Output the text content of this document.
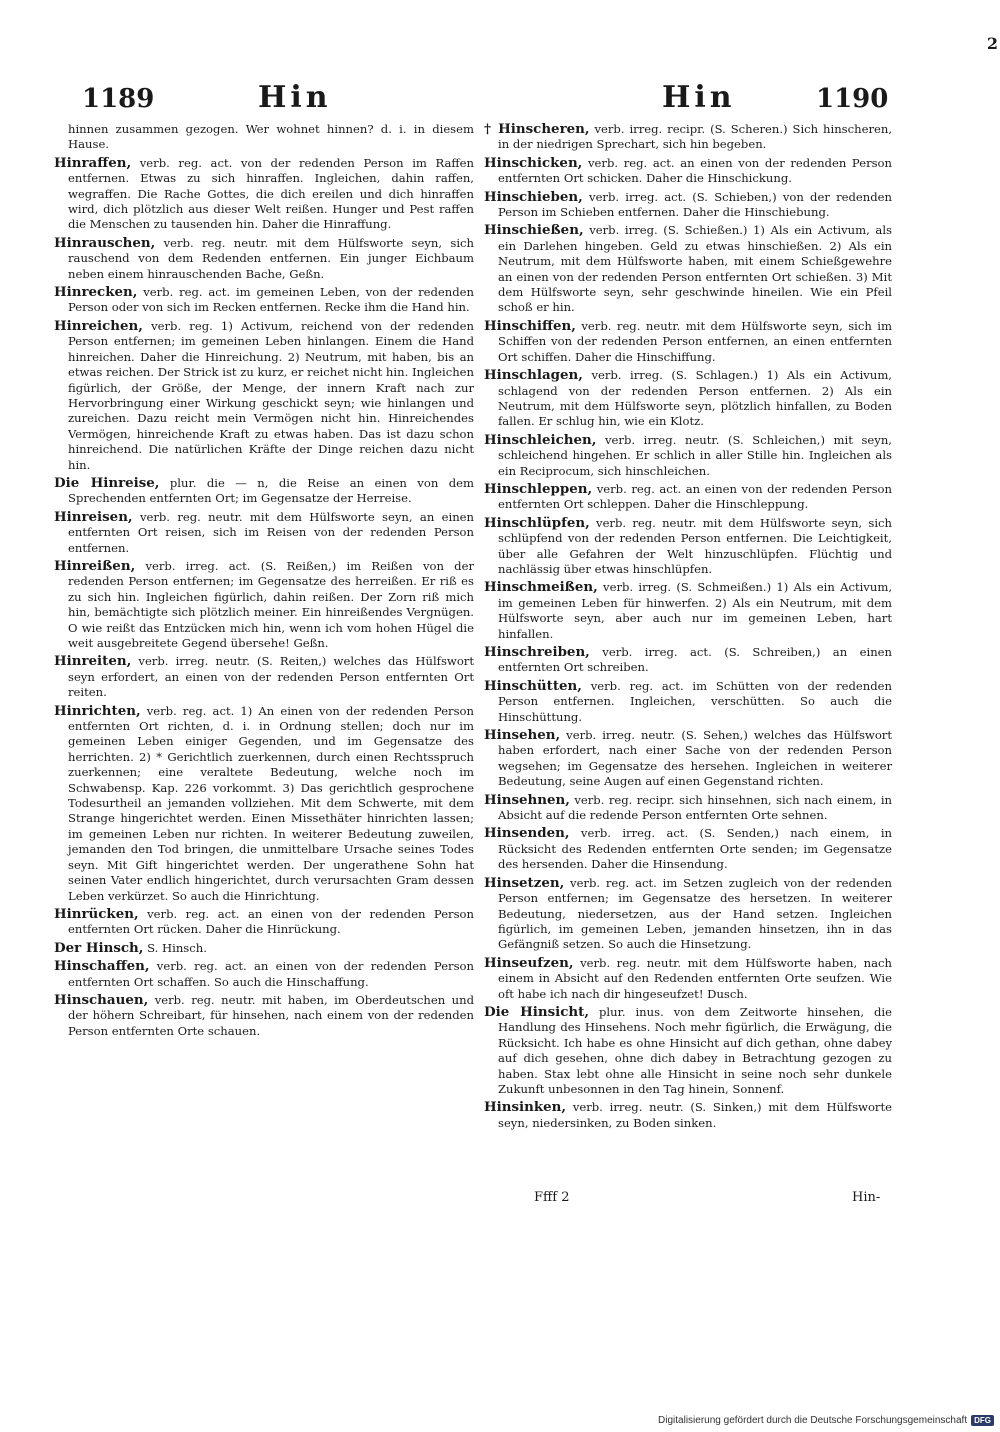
1189	Hin	Hin	1190
2

hinnen zusammen gezogen. Wer wohnet hinnen? d. i. in diesem Hause.

Hinraffen, verb. reg. act. von der redenden Person im Raffen entfernen. Etwas zu sich hinraffen. Ingleichen, dahin raffen, wegraffen. Die Rache Gottes, die dich ereilen und dich hinraffen wird, dich plötzlich aus dieser Welt reißen. Hunger und Pest raffen die Menschen zu tausenden hin. Daher die Hinraffung.

Hinrauschen, verb. reg. neutr. mit dem Hülfsworte seyn, sich rauschend von dem Redenden entfernen. Ein junger Eichbaum neben einem hinrauschenden Bache, Geßn.

Hinrecken, verb. reg. act. im gemeinen Leben, von der redenden Person oder von sich im Recken entfernen. Recke ihm die Hand hin.

Hinreichen, verb. reg. 1) Activum, reichend von der redenden Person entfernen; im gemeinen Leben hinlangen. Einem die Hand hinreichen. Daher die Hinreichung. 2) Neutrum, mit haben, bis an etwas reichen. Der Strick ist zu kurz, er reichet nicht hin. Ingleichen figürlich, der Größe, der Menge, der innern Kraft nach zur Hervorbringung einer Wirkung geschickt seyn; wie hinlangen und zureichen. Dazu reicht mein Vermögen nicht hin. Hinreichendes Vermögen, hinreichende Kraft zu etwas haben. Das ist dazu schon hinreichend. Die natürlichen Kräfte der Dinge reichen dazu nicht hin.

Die Hinreise, plur. die — n, die Reise an einen von dem Sprechenden entfernten Ort; im Gegensatze der Herreise.

Hinreisen, verb. reg. neutr. mit dem Hülfsworte seyn, an einen entfernten Ort reisen, sich im Reisen von der redenden Person entfernen.

Hinreißen, verb. irreg. act. (S. Reißen,) im Reißen von der redenden Person entfernen; im Gegensatze des herreißen. Er riß es zu sich hin. Ingleichen figürlich, dahin reißen. Der Zorn riß mich hin, bemächtigte sich plötzlich meiner. Ein hinreißendes Vergnügen. O wie reißt das Entzücken mich hin, wenn ich vom hohen Hügel die weit ausgebreitete Gegend übersehe! Geßn.

Hinreiten, verb. irreg. neutr. (S. Reiten,) welches das Hülfswort seyn erfordert, an einen von der redenden Person entfernten Ort reiten.

Hinrichten, verb. reg. act. 1) An einen von der redenden Person entfernten Ort richten, d. i. in Ordnung stellen; doch nur im gemeinen Leben einiger Gegenden, und im Gegensatze des herrichten. 2) * Gerichtlich zuerkennen, durch einen Rechtsspruch zuerkennen; eine veraltete Bedeutung, welche noch im Schwabensp. Kap. 226 vorkommt. 3) Das gerichtlich gesprochene Todesurtheil an jemanden vollziehen. Mit dem Schwerte, mit dem Strange hingerichtet werden. Einen Missethäter hinrichten lassen; im gemeinen Leben nur richten. In weiterer Bedeutung zuweilen, jemanden den Tod bringen, die unmittelbare Ursache seines Todes seyn. Mit Gift hingerichtet werden. Der ungerathene Sohn hat seinen Vater endlich hingerichtet, durch verursachten Gram dessen Leben verkürzet. So auch die Hinrichtung.

Hinrücken, verb. reg. act. an einen von der redenden Person entfernten Ort rücken. Daher die Hinrückung.

Der Hinsch, S. Hinsch.

Hinschaffen, verb. reg. act. an einen von der redenden Person entfernten Ort schaffen. So auch die Hinschaffung.

Hinschauen, verb. reg. neutr. mit haben, im Oberdeutschen und der höhern Schreibart, für hinsehen, nach einem von der redenden Person entfernten Orte schauen.

† Hinscheren, verb. irreg. recipr. (S. Scheren.) Sich hinscheren, in der niedrigen Sprechart, sich hin begeben.

Hinschicken, verb. reg. act. an einen von der redenden Person entfernten Ort schicken. Daher die Hinschickung.

Hinschieben, verb. irreg. act. (S. Schieben,) von der redenden Person im Schieben entfernen. Daher die Hinschiebung.

Hinschießen, verb. irreg. (S. Schießen.) 1) Als ein Activum, als ein Darlehen hingeben. Geld zu etwas hinschießen. 2) Als ein Neutrum, mit dem Hülfsworte haben, mit einem Schießgewehre an einen von der redenden Person entfernten Ort schießen. 3) Mit dem Hülfsworte seyn, sehr geschwinde hineilen. Wie ein Pfeil schoß er hin.

Hinschiffen, verb. reg. neutr. mit dem Hülfsworte seyn, sich im Schiffen von der redenden Person entfernen, an einen entfernten Ort schiffen. Daher die Hinschiffung.

Hinschlagen, verb. irreg. (S. Schlagen.) 1) Als ein Activum, schlagend von der redenden Person entfernen. 2) Als ein Neutrum, mit dem Hülfsworte seyn, plötzlich hinfallen, zu Boden fallen. Er schlug hin, wie ein Klotz.

Hinschleichen, verb. irreg. neutr. (S. Schleichen,) mit seyn, schleichend hingehen. Er schlich in aller Stille hin. Ingleichen als ein Reciprocum, sich hinschleichen.

Hinschleppen, verb. reg. act. an einen von der redenden Person entfernten Ort schleppen. Daher die Hinschleppung.

Hinschlüpfen, verb. reg. neutr. mit dem Hülfsworte seyn, sich schlüpfend von der redenden Person entfernen. Die Leichtigkeit, über alle Gefahren der Welt hinzuschlüpfen. Flüchtig und nachlässig über etwas hinschlüpfen.

Hinschmeißen, verb. irreg. (S. Schmeißen.) 1) Als ein Activum, im gemeinen Leben für hinwerfen. 2) Als ein Neutrum, mit dem Hülfsworte seyn, aber auch nur im gemeinen Leben, hart hinfallen.

Hinschreiben, verb. irreg. act. (S. Schreiben,) an einen entfernten Ort schreiben.

Hinschütten, verb. reg. act. im Schütten von der redenden Person entfernen. Ingleichen, verschütten. So auch die Hinschüttung.

Hinsehen, verb. irreg. neutr. (S. Sehen,) welches das Hülfswort haben erfordert, nach einer Sache von der redenden Person wegsehen; im Gegensatze des hersehen. Ingleichen in weiterer Bedeutung, seine Augen auf einen Gegenstand richten.

Hinsehnen, verb. reg. recipr. sich hinsehnen, sich nach einem, in Absicht auf die redende Person entfernten Orte sehnen.

Hinsenden, verb. irreg. act. (S. Senden,) nach einem, in Rücksicht des Redenden entfernten Orte senden; im Gegensatze des hersenden. Daher die Hinsendung.

Hinsetzen, verb. reg. act. im Setzen zugleich von der redenden Person entfernen; im Gegensatze des hersetzen. In weiterer Bedeutung, niedersetzen, aus der Hand setzen. Ingleichen figürlich, im gemeinen Leben, jemanden hinsetzen, ihn in das Gefängniß setzen. So auch die Hinsetzung.

Hinseufzen, verb. reg. neutr. mit dem Hülfsworte haben, nach einem in Absicht auf den Redenden entfernten Orte seufzen. Wie oft habe ich nach dir hingeseufzet! Dusch.

Die Hinsicht, plur. inus. von dem Zeitworte hinsehen, die Handlung des Hinsehens. Noch mehr figürlich, die Erwägung, die Rücksicht. Ich habe es ohne Hinsicht auf dich gethan, ohne dabey auf dich gesehen, ohne dich dabey in Betrachtung gezogen zu haben. Stax lebt ohne alle Hinsicht in seine noch sehr dunkele Zukunft unbesonnen in den Tag hinein, Sonnenf.

Hinsinken, verb. irreg. neutr. (S. Sinken,) mit dem Hülfsworte seyn, niedersinken, zu Boden sinken.

Ffff 2	Hin-
Digitalisierung gefördert durch die Deutsche Forschungsgemeinschaft DFG
